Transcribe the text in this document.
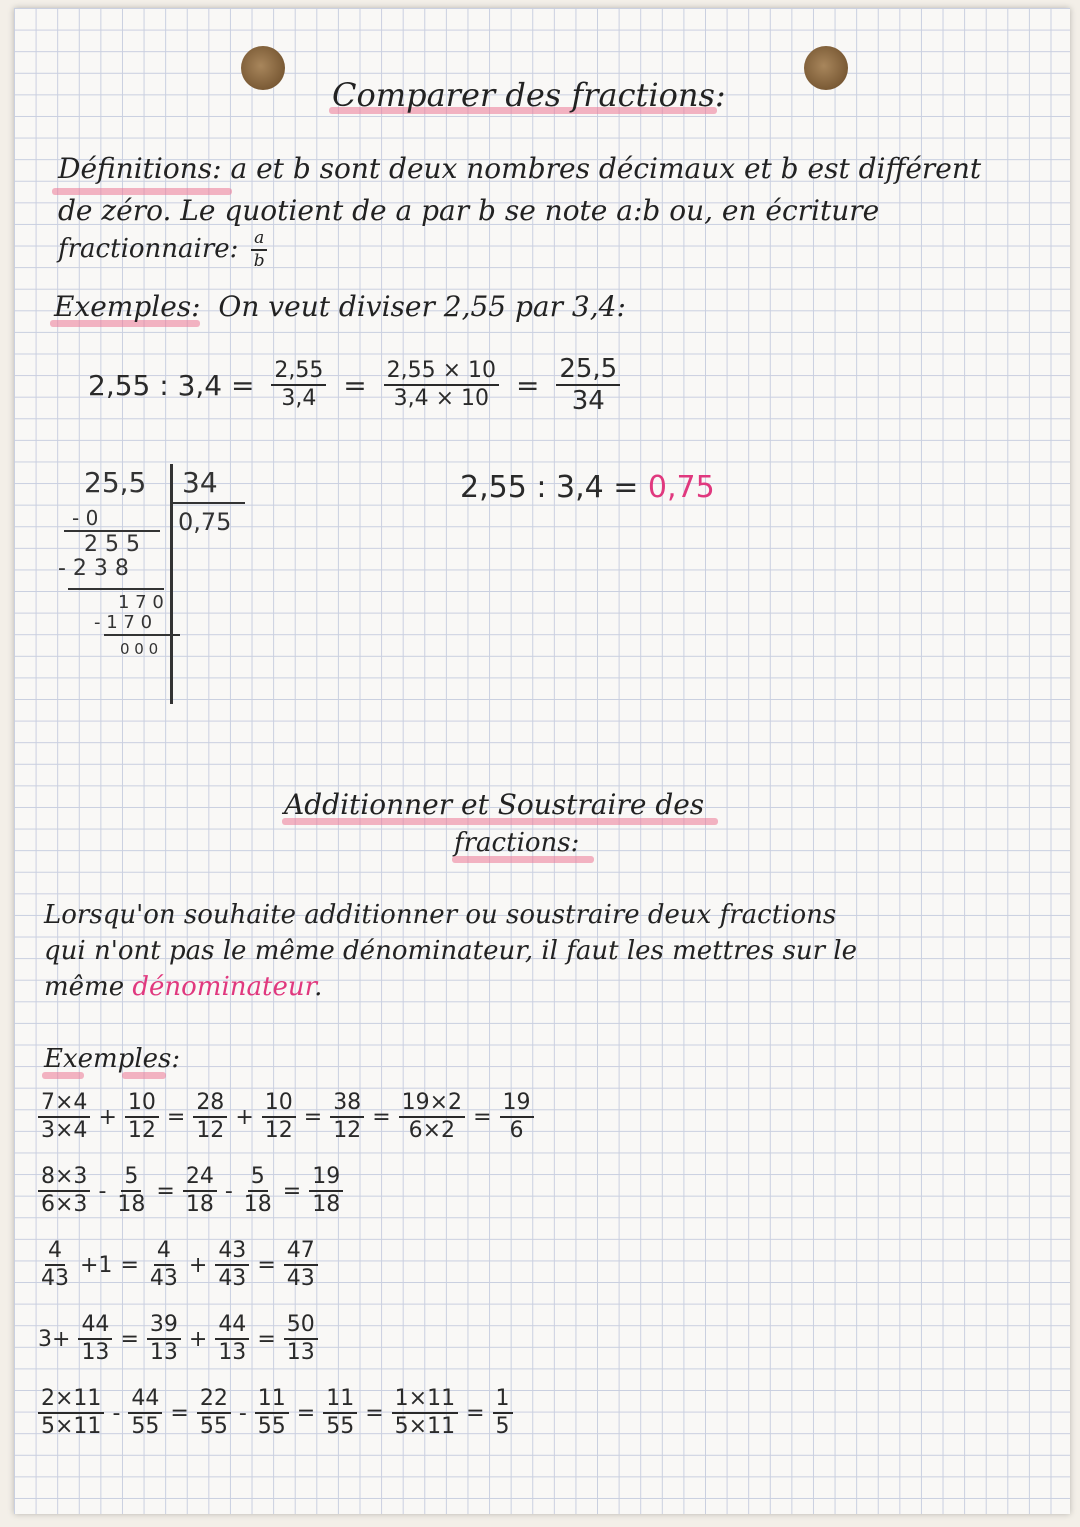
Comparer des fractions:
Définitions: a et b sont deux nombres décimaux et b est différent
de zéro. Le quotient de a par b se note a:b ou, en écriture
fractionnaire: $\frac{a}{b}$
Exemples: On veut diviser 2,55 par 3,4:
2,55 : $3,4 = \frac{2,55}{3,4} = \frac{2,55 \times 10}{3,4 \times 10} = \frac{25,5}{34}$
25,5 34
0,75
- 0
2 5 5
- 2 3 8
1 7 0
- 1 7 0
0 0 0
2,55 : 3,4 = 0,75
Additionner et Soustraire des
fractions:
Lorsqu'on souhaite additionner ou soustraire deux fractions
qui n'ont pas le même dénominateur, il faut les mettres sur le
même dénominateur.
Exemples:
$\frac{7\times 4}{3\times 4} + \frac{10}{12} = \frac{28}{12} + \frac{10}{12} = \frac{38}{12} = \frac{19\times 2}{6\times 2} = \frac{19}{6}$
$\frac{8\times 3}{6\times 3} - \frac{5}{18} = \frac{24}{18} - \frac{5}{18} = \frac{19}{18}$
$\frac{4}{43} +1 = \frac{4}{43} + \frac{43}{43} = \frac{47}{43}$
$3+ \frac{44}{13} = \frac{39}{13} + \frac{44}{13} = \frac{50}{13}$
$\frac{2\times 11}{5\times 11} - \frac{44}{55} = \frac{22}{55} - \frac{11}{55} = \frac{11}{55} = \frac{1\times 11}{5\times 11} = \frac{1}{5}$
